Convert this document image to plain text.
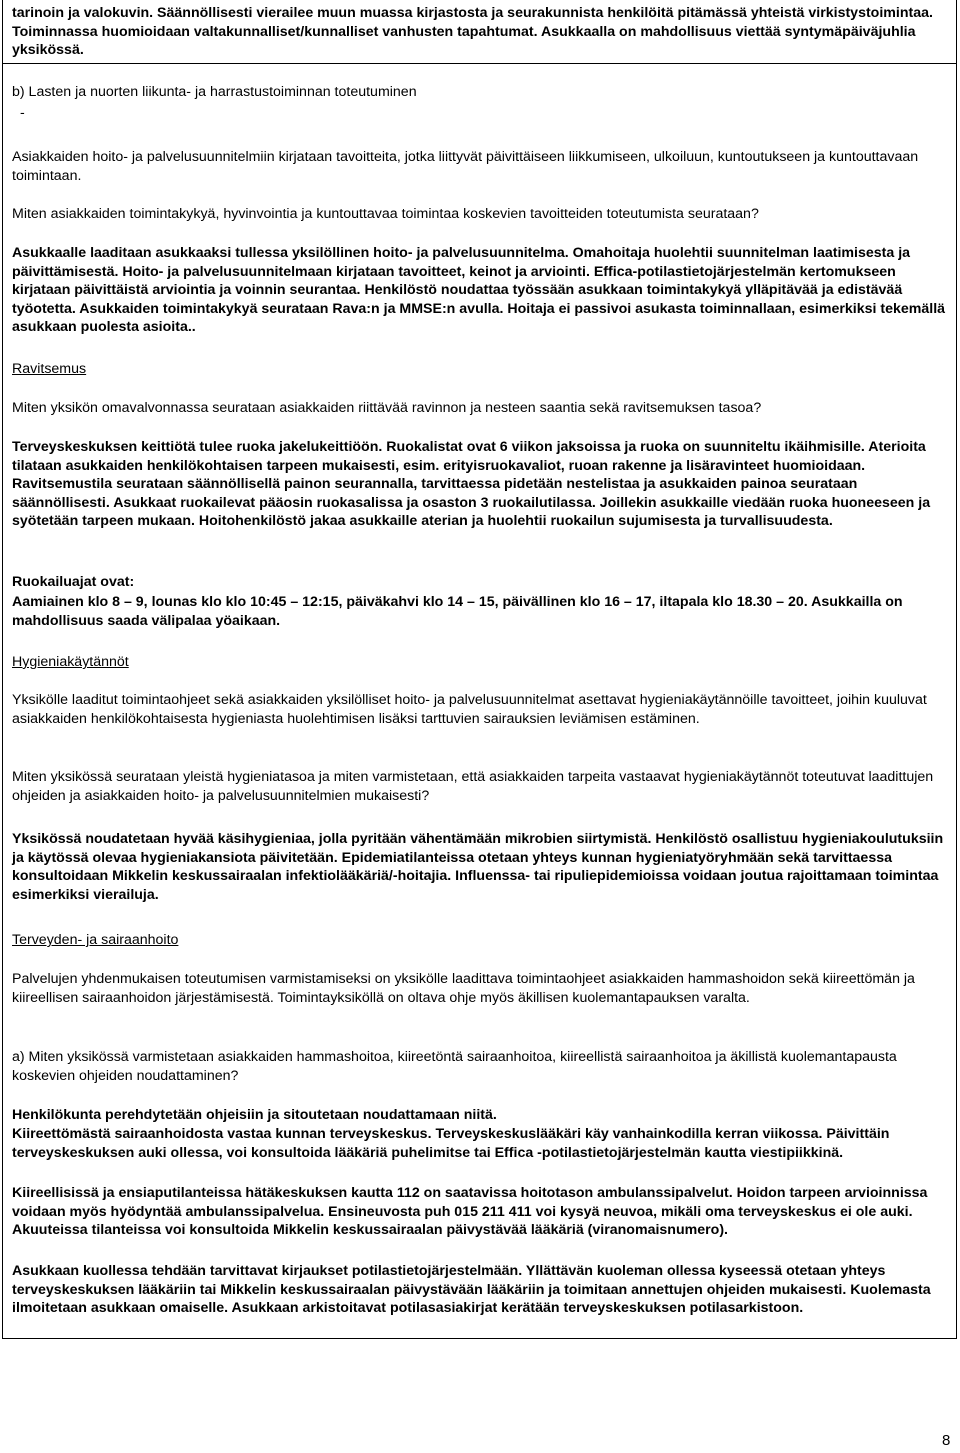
tarinoin ja valokuvin. Säännöllisesti vierailee muun muassa kirjastosta ja seurakunnista henkilöitä pitämässä yhteistä virkistystoimintaa. Toiminnassa huomioidaan valtakunnalliset/kunnalliset vanhusten tapahtumat. Asukkaalla on mahdollisuus viettää syntymäpäiväjuhlia yksikössä.

b) Lasten ja nuorten liikunta- ja harrastustoiminnan toteutuminen

-

Asiakkaiden hoito- ja palvelusuunnitelmiin kirjataan tavoitteita, jotka liittyvät päivittäiseen liikkumiseen, ulkoiluun, kuntoutukseen ja kuntouttavaan toimintaan.

Miten asiakkaiden toimintakykyä, hyvinvointia ja kuntouttavaa toimintaa koskevien tavoitteiden toteutumista seurataan?

Asukkaalle laaditaan asukkaaksi tullessa yksilöllinen hoito- ja palvelusuunnitelma. Omahoitaja huolehtii suunnitelman laatimisesta ja päivittämisestä. Hoito- ja palvelusuunnitelmaan kirjataan tavoitteet, keinot ja arviointi. Effica-potilastietojärjestelmän kertomukseen kirjataan päivittäistä arviointia ja voinnin seurantaa. Henkilöstö noudattaa työssään asukkaan toimintakykyä ylläpitävää ja edistävää työotetta. Asukkaiden toimintakykyä seurataan Rava:n ja MMSE:n avulla. Hoitaja ei passivoi asukasta toiminnallaan, esimerkiksi tekemällä asukkaan puolesta asioita..

Ravitsemus

Miten yksikön omavalvonnassa seurataan asiakkaiden riittävää ravinnon ja nesteen saantia sekä ravitsemuksen tasoa?

Terveyskeskuksen keittiötä tulee ruoka jakelukeittiöön. Ruokalistat ovat 6 viikon jaksoissa ja ruoka on suunniteltu ikäihmisille. Aterioita tilataan asukkaiden henkilökohtaisen tarpeen mukaisesti, esim. erityisruokavaliot, ruoan rakenne ja lisäravinteet huomioidaan. Ravitsemustila seurataan säännöllisellä painon seurannalla, tarvittaessa pidetään nestelistaa ja asukkaiden painoa seurataan säännöllisesti. Asukkaat ruokailevat pääosin ruokasalissa ja osaston 3 ruokailutilassa. Joillekin asukkaille viedään ruoka huoneeseen ja syötetään tarpeen mukaan. Hoitohenkilöstö jakaa asukkaille aterian ja huolehtii ruokailun sujumisesta ja turvallisuudesta.

Ruokailuajat ovat:

Aamiainen klo 8 – 9, lounas klo klo 10:45 – 12:15, päiväkahvi klo 14 – 15, päivällinen klo 16 – 17, iltapala klo 18.30 – 20. Asukkailla on mahdollisuus saada välipalaa yöaikaan.

Hygieniakäytännöt

Yksikölle laaditut toimintaohjeet sekä asiakkaiden yksilölliset hoito- ja palvelusuunnitelmat asettavat hygieniakäytännöille tavoitteet, joihin kuuluvat asiakkaiden henkilökohtaisesta hygieniasta huolehtimisen lisäksi tarttuvien sairauksien leviämisen estäminen.

Miten yksikössä seurataan yleistä hygieniatasoa ja miten varmistetaan, että asiakkaiden tarpeita vastaavat hygieniakäytännöt toteutuvat laadittujen ohjeiden ja asiakkaiden hoito- ja palvelusuunnitelmien mukaisesti?

Yksikössä noudatetaan hyvää käsihygieniaa, jolla pyritään vähentämään mikrobien siirtymistä. Henkilöstö osallistuu hygieniakoulutuksiin ja käytössä olevaa hygieniakansiota päivitetään. Epidemiatilanteissa otetaan yhteys kunnan hygieniatyöryhmään sekä tarvittaessa konsultoidaan Mikkelin keskussairaalan infektiolääkäriä/-hoitajia. Influenssa- tai ripuliepidemioissa voidaan joutua rajoittamaan toimintaa esimerkiksi vierailuja.

Terveyden- ja sairaanhoito

Palvelujen yhdenmukaisen toteutumisen varmistamiseksi on yksikölle laadittava toimintaohjeet asiakkaiden hammashoidon sekä kiireettömän ja kiireellisen sairaanhoidon järjestämisestä. Toimintayksiköllä on oltava ohje myös äkillisen kuolemantapauksen varalta.

a) Miten yksikössä varmistetaan asiakkaiden hammashoitoa, kiireetöntä sairaanhoitoa, kiireellistä sairaanhoitoa ja äkillistä kuolemantapausta koskevien ohjeiden noudattaminen?

Henkilökunta perehdytetään ohjeisiin ja sitoutetaan noudattamaan niitä.

Kiireettömästä sairaanhoidosta vastaa kunnan terveyskeskus. Terveyskeskuslääkäri käy vanhainkodilla kerran viikossa. Päivittäin terveyskeskuksen auki ollessa, voi konsultoida lääkäriä puhelimitse tai Effica -potilastietojärjestelmän kautta viestipiikkinä.

Kiireellisissä ja ensiaputilanteissa hätäkeskuksen kautta 112 on saatavissa hoitotason ambulanssipalvelut. Hoidon tarpeen arvioinnissa voidaan myös hyödyntää ambulanssipalvelua. Ensineuvosta puh 015 211 411 voi kysyä neuvoa, mikäli oma terveyskeskus ei ole auki. Akuuteissa tilanteissa voi konsultoida Mikkelin keskussairaalan päivystävää lääkäriä (viranomaisnumero).

Asukkaan kuollessa tehdään tarvittavat kirjaukset potilastietojärjestelmään. Yllättävän kuoleman ollessa kyseessä otetaan yhteys terveyskeskuksen lääkäriin tai Mikkelin keskussairaalan päivystävään lääkäriin ja toimitaan annettujen ohjeiden mukaisesti. Kuolemasta ilmoitetaan asukkaan omaiselle. Asukkaan arkistoitavat potilasasiakirjat kerätään terveyskeskuksen potilasarkistoon.

8
